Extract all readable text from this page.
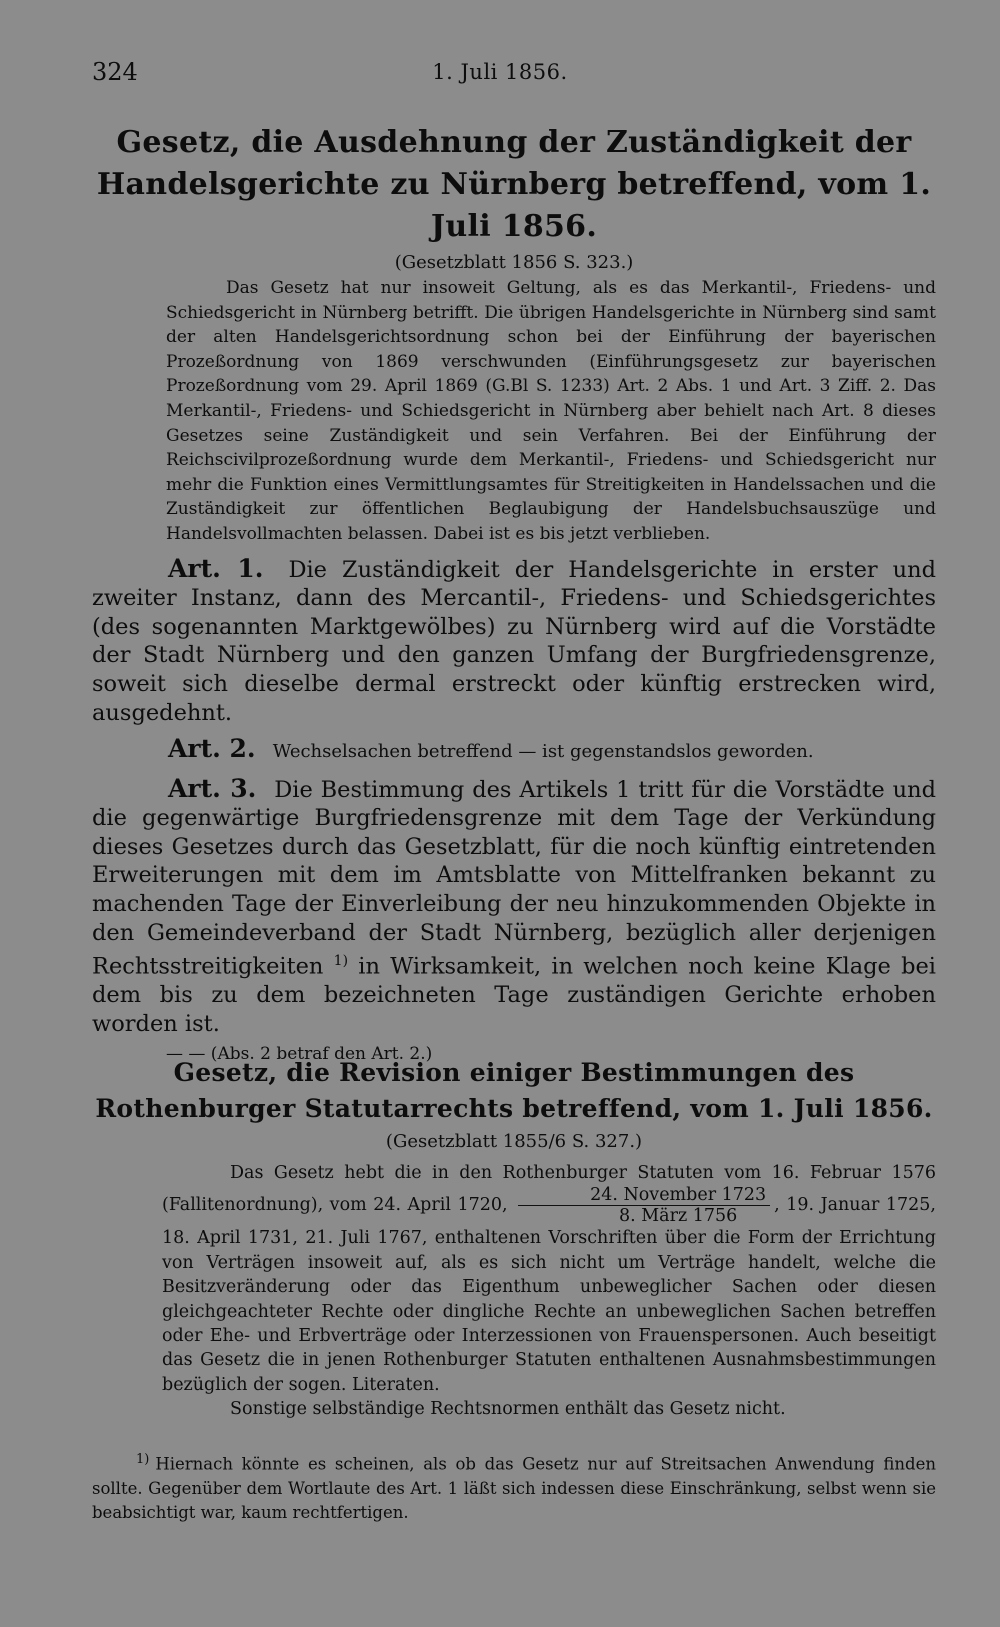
324	1. Juli 1856.
Gesetz, die Ausdehnung der Zuständigkeit der Handelsgerichte zu Nürnberg betreffend, vom 1. Juli 1856.
(Gesetzblatt 1856 S. 323.)

Das Gesetz hat nur insoweit Geltung, als es das Merkantil-, Friedens- und Schiedsgericht in Nürnberg betrifft. Die übrigen Handelsgerichte in Nürnberg sind samt der alten Handelsgerichtsordnung schon bei der Einführung der bayerischen Prozeßordnung von 1869 verschwunden (Einführungsgesetz zur bayerischen Prozeßordnung vom 29. April 1869 (G.Bl S. 1233) Art. 2 Abs. 1 und Art. 3 Ziff. 2. Das Merkantil-, Friedens- und Schiedsgericht in Nürnberg aber behielt nach Art. 8 dieses Gesetzes seine Zuständigkeit und sein Verfahren. Bei der Einführung der Reichscivilprozeßordnung wurde dem Merkantil-, Friedens- und Schiedsgericht nur mehr die Funktion eines Vermittlungsamtes für Streitigkeiten in Handelssachen und die Zuständigkeit zur öffentlichen Beglaubigung der Handelsbuchsauszüge und Handelsvollmachten belassen. Dabei ist es bis jetzt verblieben.

Art. 1. Die Zuständigkeit der Handelsgerichte in erster und zweiter Instanz, dann des Mercantil-, Friedens- und Schiedsgerichtes (des sogenannten Marktgewölbes) zu Nürnberg wird auf die Vorstädte der Stadt Nürnberg und den ganzen Umfang der Burgfriedensgrenze, soweit sich dieselbe dermal erstreckt oder künftig erstrecken wird, ausgedehnt.

Art. 2. Wechselsachen betreffend — ist gegenstandslos geworden.

Art. 3. Die Bestimmung des Artikels 1 tritt für die Vorstädte und die gegenwärtige Burgfriedensgrenze mit dem Tage der Verkündung dieses Gesetzes durch das Gesetzblatt, für die noch künftig eintretenden Erweiterungen mit dem im Amtsblatte von Mittelfranken bekannt zu machenden Tage der Einverleibung der neu hinzukommenden Objekte in den Gemeindeverband der Stadt Nürnberg, bezüglich aller derjenigen Rechtsstreitigkeiten $^{1)}$ in Wirksamkeit, in welchen noch keine Klage bei dem bis zu dem bezeichneten Tage zuständigen Gerichte erhoben worden ist.

— — (Abs. 2 betraf den Art. 2.)
Gesetz, die Revision einiger Bestimmungen des Rothenburger Statutarrechts betreffend, vom 1. Juli 1856.
(Gesetzblatt 1855/6 S. 327.)

Das Gesetz hebt die in den Rothenburger Statuten vom 16. Februar 1576 (Fallitenordnung), vom 24. April 1720, $\frac{\text{24. November 1723}}{\text{8. März 1756}}$ , 19. Januar 1725, 18. April 1731, 21. Juli 1767, enthaltenen Vorschriften über die Form der Errichtung von Verträgen insoweit auf, als es sich nicht um Verträge handelt, welche die Besitzveränderung oder das Eigenthum unbeweglicher Sachen oder diesen gleichgeachteter Rechte oder dingliche Rechte an unbeweglichen Sachen betreffen oder Ehe- und Erbverträge oder Interzessionen von Frauenspersonen. Auch beseitigt das Gesetz die in jenen Rothenburger Statuten enthaltenen Ausnahmsbestimmungen bezüglich der sogen. Literaten.

Sonstige selbständige Rechtsnormen enthält das Gesetz nicht.

$^{1)}$ Hiernach könnte es scheinen, als ob das Gesetz nur auf Streitsachen Anwendung finden sollte. Gegenüber dem Wortlaute des Art. 1 läßt sich indessen diese Einschränkung, selbst wenn sie beabsichtigt war, kaum rechtfertigen.
